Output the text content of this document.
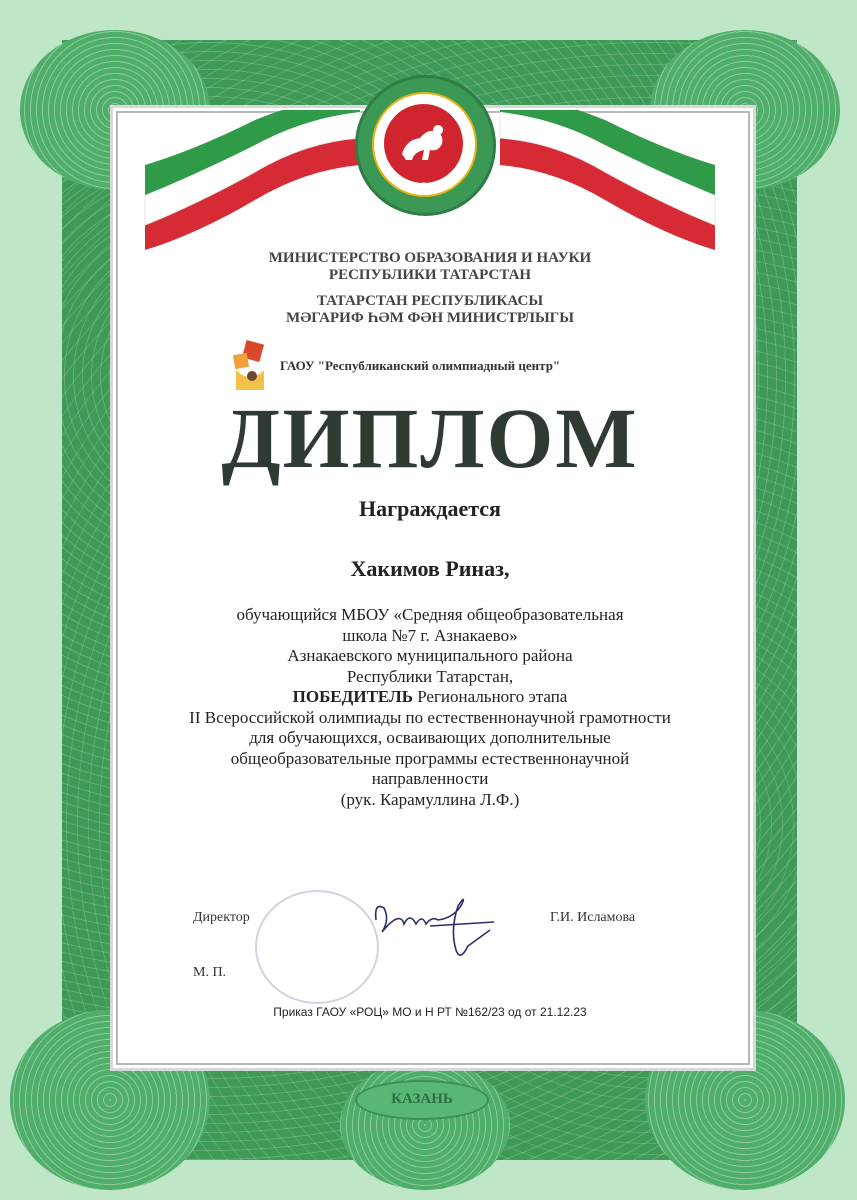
ТАТАРСТАН
МИНИСТЕРСТВО ОБРАЗОВАНИЯ И НАУКИ
РЕСПУБЛИКИ ТАТАРСТАН
ТАТАРСТАН РЕСПУБЛИКАСЫ
МӘГАРИФ ҺӘМ ФӘН МИНИСТРЛЫГЫ
ГАОУ "Республиканский олимпиадный центр"
ДИПЛОМ
Награждается
Хакимов Риназ,
обучающийся МБОУ «Средняя общеобразовательная
школа №7 г. Азнакаево»
Азнакаевского муниципального района
Республики Татарстан,
ПОБЕДИТЕЛЬ Регионального этапа
II Всероссийской олимпиады по естественнонаучной грамотности
для обучающихся, осваивающих дополнительные
общеобразовательные программы естественнонаучной
направленности
(рук. Карамуллина Л.Ф.)
Директор	Г.И. Исламова
М. П.
Приказ ГАОУ «РОЦ» МО и Н РТ №162/23 од от 21.12.23
КАЗАНЬ
